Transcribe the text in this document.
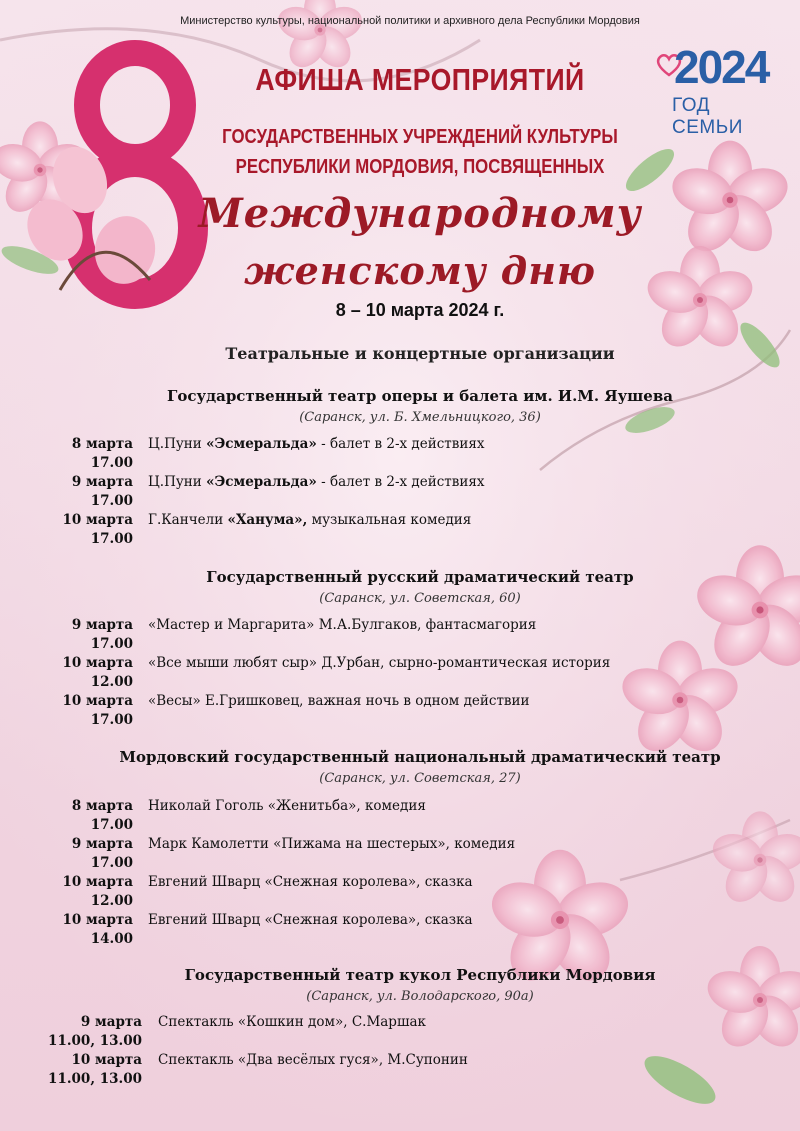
Министерство культуры, национальной политики и архивного дела Республики Мордовия
2024
ГОД СЕМЬИ
АФИША МЕРОПРИЯТИЙ
ГОСУДАРСТВЕННЫХ УЧРЕЖДЕНИЙ КУЛЬТУРЫ
РЕСПУБЛИКИ МОРДОВИЯ, ПОСВЯЩЕННЫХ
Международному
женскому дню
8 – 10 марта 2024 г.
Театральные и концертные организации
Государственный театр оперы и балета им. И.М. Яушева
(Саранск, ул. Б. Хмельницкого, 36)
8 марта
17.00
Ц.Пуни «Эсмеральда» - балет в 2-х действиях
9 марта
17.00
Ц.Пуни «Эсмеральда» - балет в 2-х действиях
10 марта
17.00
Г.Канчели «Ханума», музыкальная комедия
Государственный русский драматический театр
(Саранск, ул. Советская, 60)
9 марта
17.00
«Мастер и Маргарита» М.А.Булгаков, фантасмагория
10 марта
12.00
«Все мыши любят сыр» Д.Урбан, сырно-романтическая история
10 марта
17.00
«Весы» Е.Гришковец, важная ночь в одном действии
Мордовский государственный национальный драматический театр
(Саранск, ул. Советская, 27)
8 марта
17.00
Николай Гоголь «Женитьба», комедия
9 марта
17.00
Марк Камолетти «Пижама на шестерых», комедия
10 марта
12.00
Евгений Шварц «Снежная королева», сказка
10 марта
14.00
Евгений Шварц «Снежная королева», сказка
Государственный театр кукол Республики Мордовия
(Саранск, ул. Володарского, 90а)
9 марта
11.00, 13.00
Спектакль «Кошкин дом», С.Маршак
10 марта
11.00, 13.00
Спектакль «Два весёлых гуся», М.Супонин
